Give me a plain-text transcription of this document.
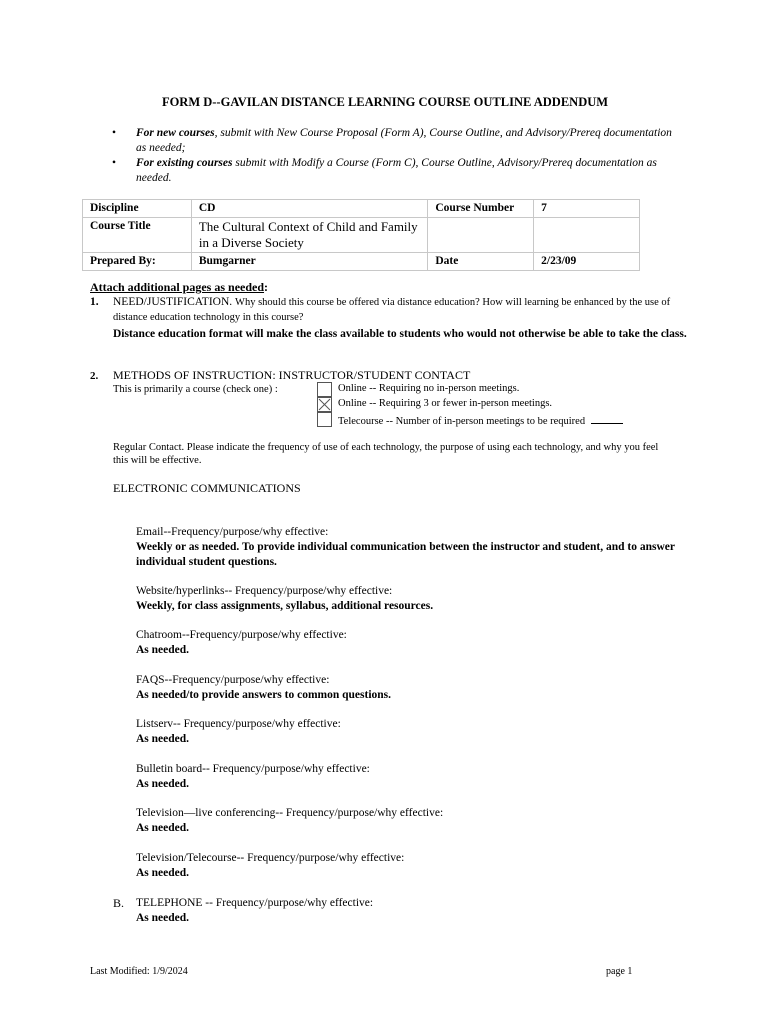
FORM D--GAVILAN DISTANCE LEARNING COURSE OUTLINE ADDENDUM
• For new courses, submit with New Course Proposal (Form A), Course Outline, and Advisory/Prereq documentation as needed;
• For existing courses submit with Modify a Course (Form C), Course Outline, Advisory/Prereq documentation as needed.
Discipline	CD	Course Number	7
Course Title	The Cultural Context of Child and Family in a Diverse Society		
Prepared By:	Bumgarner	Date	2/23/09
Attach additional pages as needed:
1. NEED/JUSTIFICATION. Why should this course be offered via distance education? How will learning be enhanced by the use of distance education technology in this course?
Distance education format will make the class available to students who would not otherwise be able to take the class.
2. METHODS OF INSTRUCTION: INSTRUCTOR/STUDENT CONTACT
This is primarily a course (check one) :	Online -- Requiring no in-person meetings.
Online -- Requiring 3 or fewer in-person meetings.
Telecourse -- Number of in-person meetings to be required
Regular Contact. Please indicate the frequency of use of each technology, the purpose of using each technology, and why you feel this will be effective.
ELECTRONIC COMMUNICATIONS
Email--Frequency/purpose/why effective:
Weekly or as needed. To provide individual communication between the instructor and student, and to answer individual student questions.
Website/hyperlinks-- Frequency/purpose/why effective:
Weekly, for class assignments, syllabus, additional resources.
Chatroom--Frequency/purpose/why effective:
As needed.
FAQS--Frequency/purpose/why effective:
As needed/to provide answers to common questions.
Listserv-- Frequency/purpose/why effective:
As needed.
Bulletin board-- Frequency/purpose/why effective:
As needed.
Television—live conferencing-- Frequency/purpose/why effective:
As needed.
Television/Telecourse-- Frequency/purpose/why effective:
As needed.
B. TELEPHONE -- Frequency/purpose/why effective:
As needed.
Last Modified: 1/9/2024	page 1
